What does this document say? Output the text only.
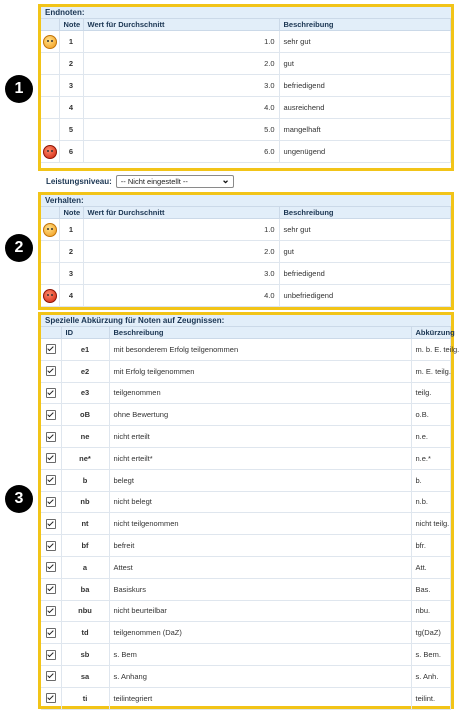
1
2
3
Endnoten:
	Note	Wert für Durchschnitt	Beschreibung
	1	1.0	sehr gut
	2	2.0	gut
	3	3.0	befriedigend
	4	4.0	ausreichend
	5	5.0	mangelhaft
	6	6.0	ungenügend
Leistungsniveau: -- Nicht eingestellt --	⌄
Verhalten:
	Note	Wert für Durchschnitt	Beschreibung
	1	1.0	sehr gut
	2	2.0	gut
	3	3.0	befriedigend
	4	4.0	unbefriedigend
Spezielle Abkürzung für Noten auf Zeugnissen:
	ID	Beschreibung	Abkürzung
	e1	mit besonderem Erfolg teilgenommen	m. b. E. teilg.
	e2	mit Erfolg teilgenommen	m. E. teilg.
	e3	teilgenommen	teilg.
	oB	ohne Bewertung	o.B.
	ne	nicht erteilt	n.e.
	ne*	nicht erteilt*	n.e.*
	b	belegt	b.
	nb	nicht belegt	n.b.
	nt	nicht teilgenommen	nicht teilg.
	bf	befreit	bfr.
	a	Attest	Att.
	ba	Basiskurs	Bas.
	nbu	nicht beurteilbar	nbu.
	td	teilgenommen (DaZ)	tg(DaZ)
	sb	s. Bem	s. Bem.
	sa	s. Anhang	s. Anh.
	ti	teilintegriert	teilint.
